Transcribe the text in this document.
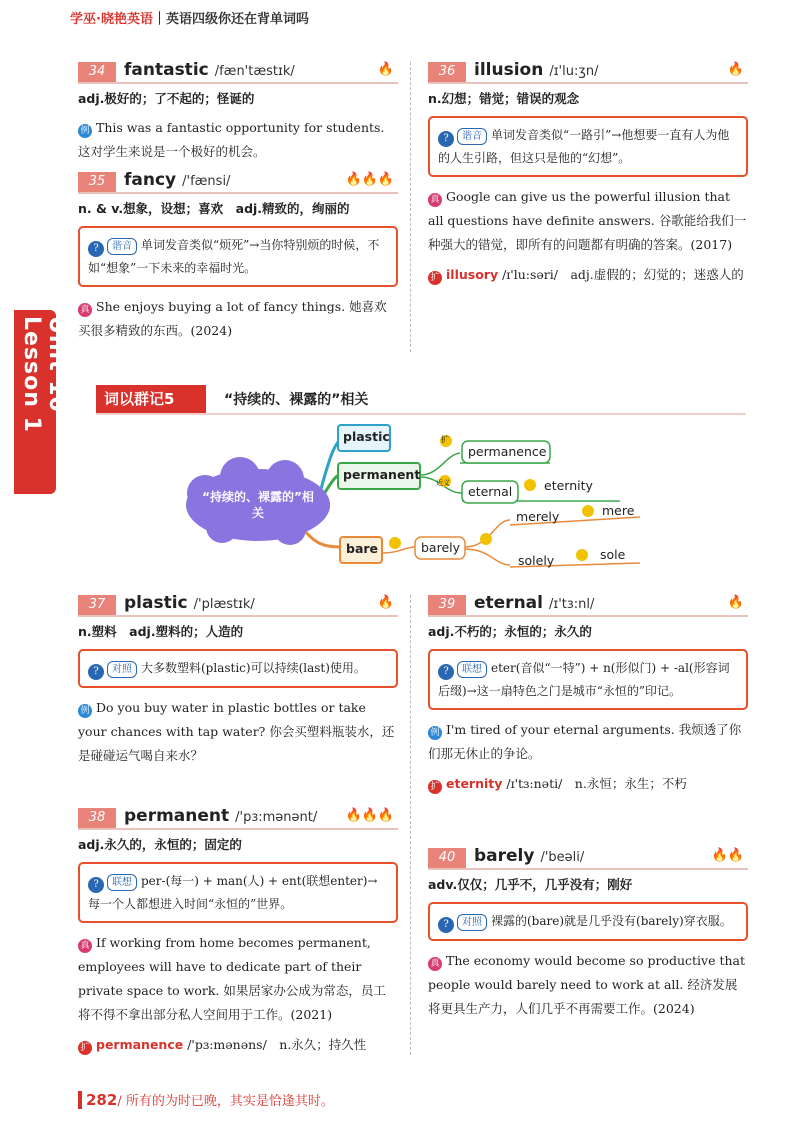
学巫·晓艳英语｜英语四级你还在背单词吗
Unit 10 Lesson 1
34	fantastic /fæn'tæstɪk/	🔥
adj.极好的；了不起的；怪诞的
例 This was a fantastic opportunity for students. 这对学生来说是一个极好的机会。
35	fancy /'fænsi/	🔥🔥🔥
n. & v.想象，设想；喜欢　adj.精致的，绚丽的
? 谐音 单词发音类似“烦死”→当你特别烦的时候，不如“想象”一下未来的幸福时光。
真 She enjoys buying a lot of fancy things. 她喜欢买很多精致的东西。(2024)
36	illusion /ɪ'lu:ʒn/	🔥
n.幻想；错觉；错误的观念
? 谐音 单词发音类似“一路引”→他想要一直有人为他的人生引路，但这只是他的“幻想”。
真 Google can give us the powerful illusion that all questions have definite answers. 谷歌能给我们一种强大的错觉，即所有的问题都有明确的答案。(2017)
扩 illusory /ɪ'lu:səri/　adj.虚假的；幻觉的；迷惑人的
词以群记5	“持续的、裸露的”相关
“持续的、裸露的”相关
plastic
permanent
bare
permanence
eternal	eternity
barely
merely	mere
solely	sole
扩
近义
37	plastic /'plæstɪk/	🔥
n.塑料　adj.塑料的；人造的
? 对照 大多数塑料(plastic)可以持续(last)使用。
例 Do you buy water in plastic bottles or take your chances with tap water? 你会买塑料瓶装水，还是碰碰运气喝自来水？
38	permanent /'pɜ:mənənt/ 🔥🔥🔥
adj.永久的，永恒的；固定的
? 联想 per-(每一) + man(人) + ent(联想enter)→每一个人都想进入时间“永恒的”世界。
真 If working from home becomes permanent, employees will have to dedicate part of their private space to work. 如果居家办公成为常态，员工将不得不拿出部分私人空间用于工作。(2021)
扩 permanence /'pɜ:mənəns/　n.永久；持久性
39	eternal /ɪ'tɜ:nl/	🔥
adj.不朽的；永恒的；永久的
? 联想 eter(音似“一特”) + n(形似门) + -al(形容词后缀)→这一扇特色之门是城市“永恒的”印记。
例 I'm tired of your eternal arguments. 我烦透了你们那无休止的争论。
扩 eternity /ɪ'tɜ:nəti/　n.永恒；永生；不朽
40	barely /'beəli/	🔥🔥
adv.仅仅；几乎不，几乎没有；刚好
? 对照 裸露的(bare)就是几乎没有(barely)穿衣服。
真 The economy would become so productive that people would barely need to work at all. 经济发展将更具生产力，人们几乎不再需要工作。(2024)
282/ 所有的为时已晚，其实是恰逢其时。
